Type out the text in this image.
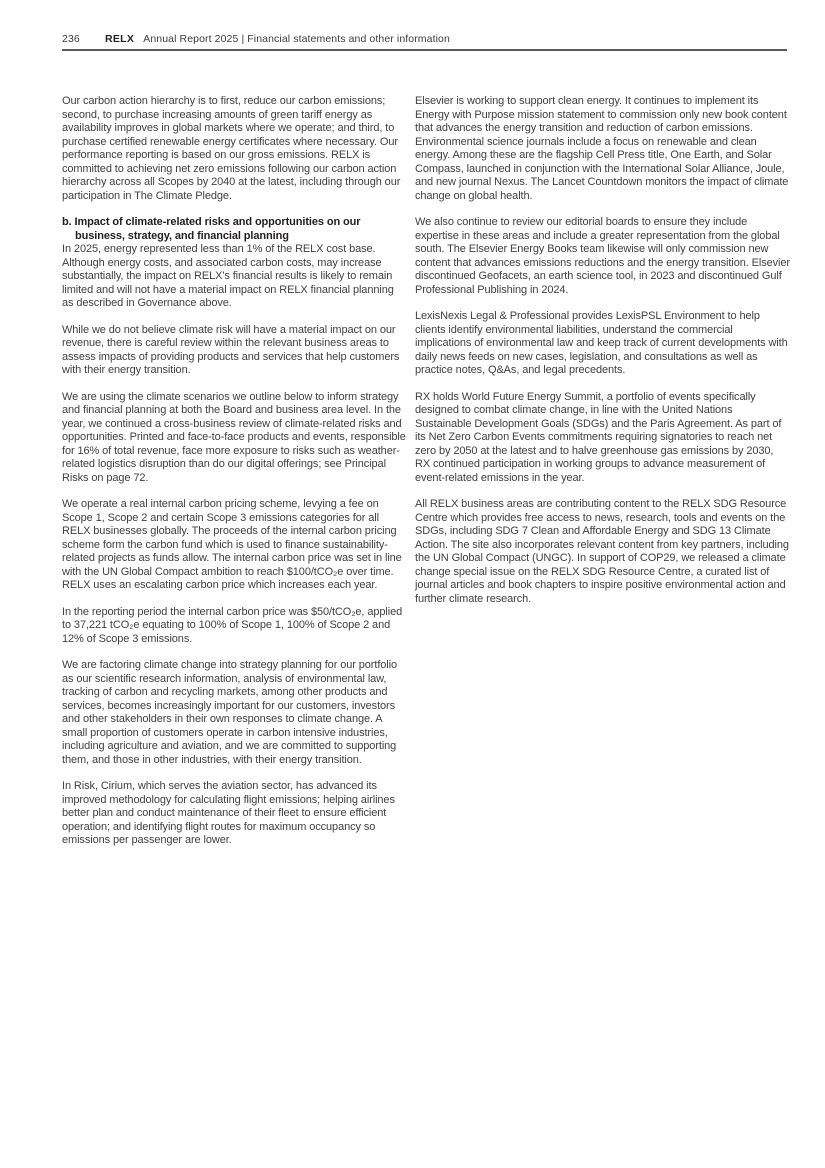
236	RELX Annual Report 2025 | Financial statements and other information

Our carbon action hierarchy is to first, reduce our carbon emissions; second, to purchase increasing amounts of green tariff energy as availability improves in global markets where we operate; and third, to purchase certified renewable energy certificates where necessary. Our performance reporting is based on our gross emissions. RELX is committed to achieving net zero emissions following our carbon action hierarchy across all Scopes by 2040 at the latest, including through our participation in The Climate Pledge.

b. Impact of climate-related risks and opportunities on our business, strategy, and financial planning

In 2025, energy represented less than 1% of the RELX cost base. Although energy costs, and associated carbon costs, may increase substantially, the impact on RELX's financial results is likely to remain limited and will not have a material impact on RELX financial planning as described in Governance above.

While we do not believe climate risk will have a material impact on our revenue, there is careful review within the relevant business areas to assess impacts of providing products and services that help customers with their energy transition.

We are using the climate scenarios we outline below to inform strategy and financial planning at both the Board and business area level. In the year, we continued a cross-business review of climate-related risks and opportunities. Printed and face-to-face products and events, responsible for 16% of total revenue, face more exposure to risks such as weather-related logistics disruption than do our digital offerings; see Principal Risks on page 72.

We operate a real internal carbon pricing scheme, levying a fee on Scope 1, Scope 2 and certain Scope 3 emissions categories for all RELX businesses globally. The proceeds of the internal carbon pricing scheme form the carbon fund which is used to finance sustainability-related projects as funds allow. The internal carbon price was set in line with the UN Global Compact ambition to reach $100/tCO₂e over time. RELX uses an escalating carbon price which increases each year.

In the reporting period the internal carbon price was $50/tCO₂e, applied to 37,221 tCO₂e equating to 100% of Scope 1, 100% of Scope 2 and 12% of Scope 3 emissions.

We are factoring climate change into strategy planning for our portfolio as our scientific research information, analysis of environmental law, tracking of carbon and recycling markets, among other products and services, becomes increasingly important for our customers, investors and other stakeholders in their own responses to climate change. A small proportion of customers operate in carbon intensive industries, including agriculture and aviation, and we are committed to supporting them, and those in other industries, with their energy transition.

In Risk, Cirium, which serves the aviation sector, has advanced its improved methodology for calculating flight emissions; helping airlines better plan and conduct maintenance of their fleet to ensure efficient operation; and identifying flight routes for maximum occupancy so emissions per passenger are lower.

Elsevier is working to support clean energy. It continues to implement its Energy with Purpose mission statement to commission only new book content that advances the energy transition and reduction of carbon emissions. Environmental science journals include a focus on renewable and clean energy. Among these are the flagship Cell Press title, One Earth, and Solar Compass, launched in conjunction with the International Solar Alliance, Joule, and new journal Nexus. The Lancet Countdown monitors the impact of climate change on global health.

We also continue to review our editorial boards to ensure they include expertise in these areas and include a greater representation from the global south. The Elsevier Energy Books team likewise will only commission new content that advances emissions reductions and the energy transition. Elsevier discontinued Geofacets, an earth science tool, in 2023 and discontinued Gulf Professional Publishing in 2024.

LexisNexis Legal & Professional provides LexisPSL Environment to help clients identify environmental liabilities, understand the commercial implications of environmental law and keep track of current developments with daily news feeds on new cases, legislation, and consultations as well as practice notes, Q&As, and legal precedents.

RX holds World Future Energy Summit, a portfolio of events specifically designed to combat climate change, in line with the United Nations Sustainable Development Goals (SDGs) and the Paris Agreement. As part of its Net Zero Carbon Events commitments requiring signatories to reach net zero by 2050 at the latest and to halve greenhouse gas emissions by 2030, RX continued participation in working groups to advance measurement of event-related emissions in the year.

All RELX business areas are contributing content to the RELX SDG Resource Centre which provides free access to news, research, tools and events on the SDGs, including SDG 7 Clean and Affordable Energy and SDG 13 Climate Action. The site also incorporates relevant content from key partners, including the UN Global Compact (UNGC). In support of COP29, we released a climate change special issue on the RELX SDG Resource Centre, a curated list of journal articles and book chapters to inspire positive environmental action and further climate research.
